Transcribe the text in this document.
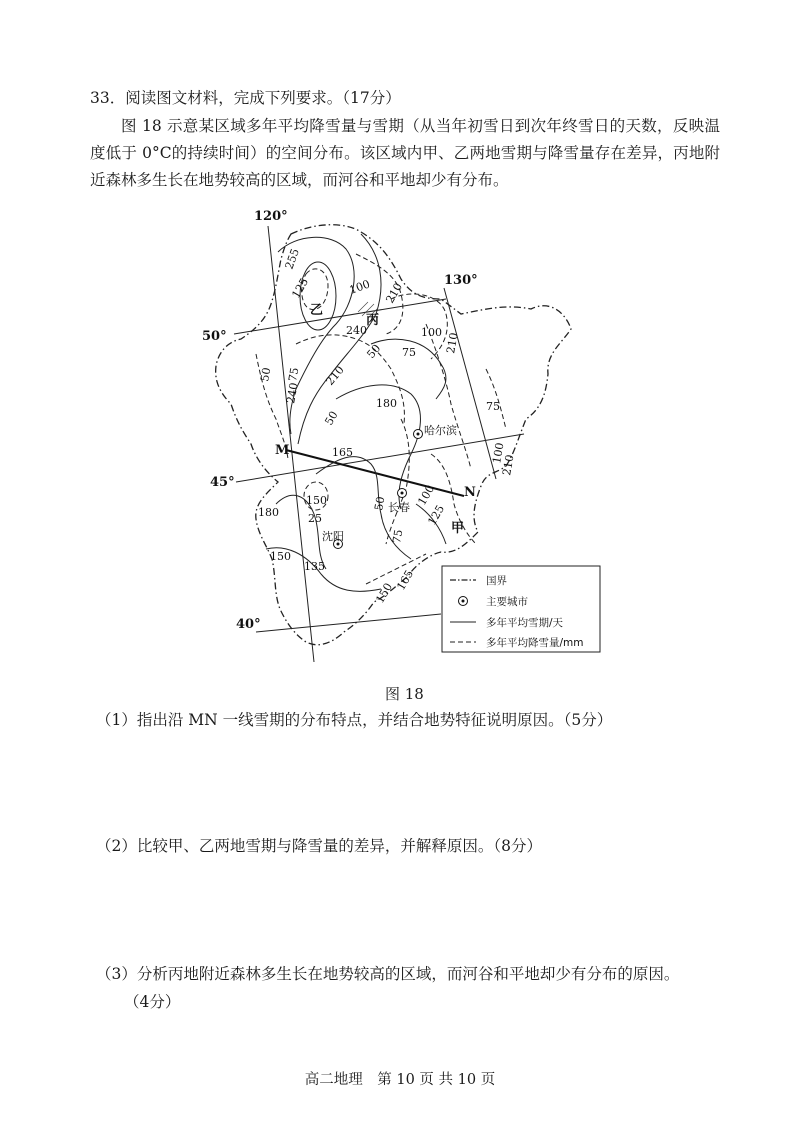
33．阅读图文材料，完成下列要求。（17分）
图 18 示意某区域多年平均降雪量与雪期（从当年初雪日到次年终雪日的天数，反映温度低于 0°C的持续时间）的空间分布。该区域内甲、乙两地雪期与降雪量存在差异，丙地附近森林多生长在地势较高的区域，而河谷和平地却少有分布。
120°
130°
50°
45°
40°
乙
丙
甲
M
N
哈尔滨
长春
沈阳
255
240
240
210
210
210
180
180
165
165
150
150
150
135
210
125	100
100
75
75
50
50
50	100
125
75
25
50
100
75
国界
主要城市
多年平均雪期/天
多年平均降雪量/mm
图 18
（1）指出沿 MN 一线雪期的分布特点，并结合地势特征说明原因。（5分）
（2）比较甲、乙两地雪期与降雪量的差异，并解释原因。（8分）
（3）分析丙地附近森林多生长在地势较高的区域，而河谷和平地却少有分布的原因。
（4分）
高二地理　第 10 页 共 10 页
